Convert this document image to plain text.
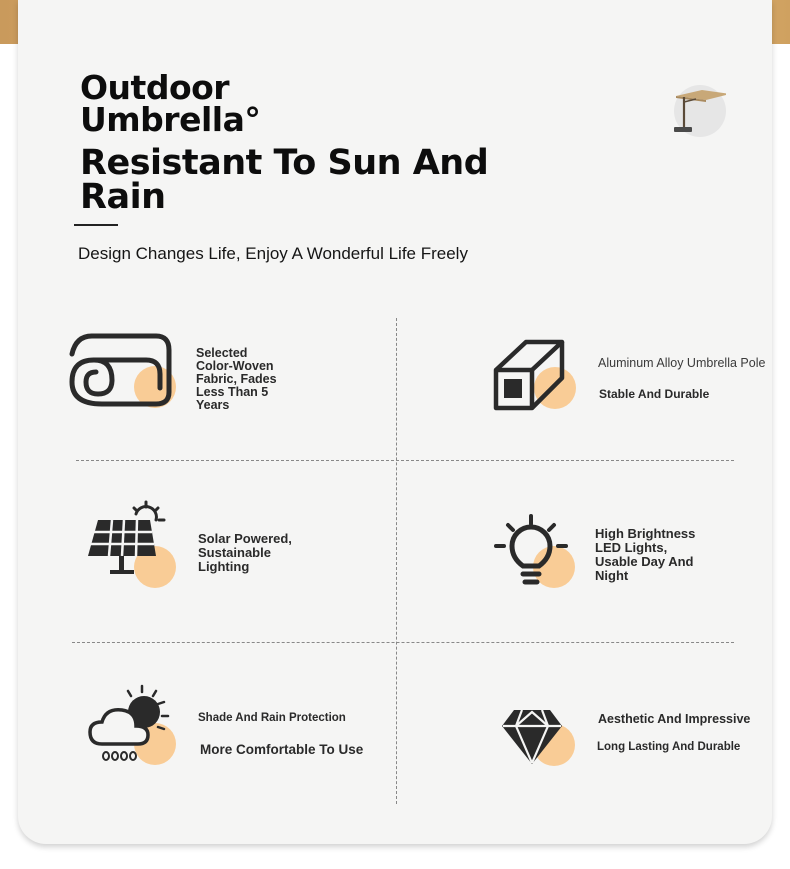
Outdoor
Umbrella°
Resistant To Sun And
Rain
Design Changes Life, Enjoy A Wonderful Life Freely
Selected
Color-Woven
Fabric, Fades
Less Than 5
Years
Aluminum Alloy Umbrella Pole
Stable And Durable
Solar Powered,
Sustainable
Lighting
High Brightness
LED Lights,
Usable Day And
Night
Shade And Rain Protection
More Comfortable To Use
Aesthetic And Impressive
Long Lasting And Durable
